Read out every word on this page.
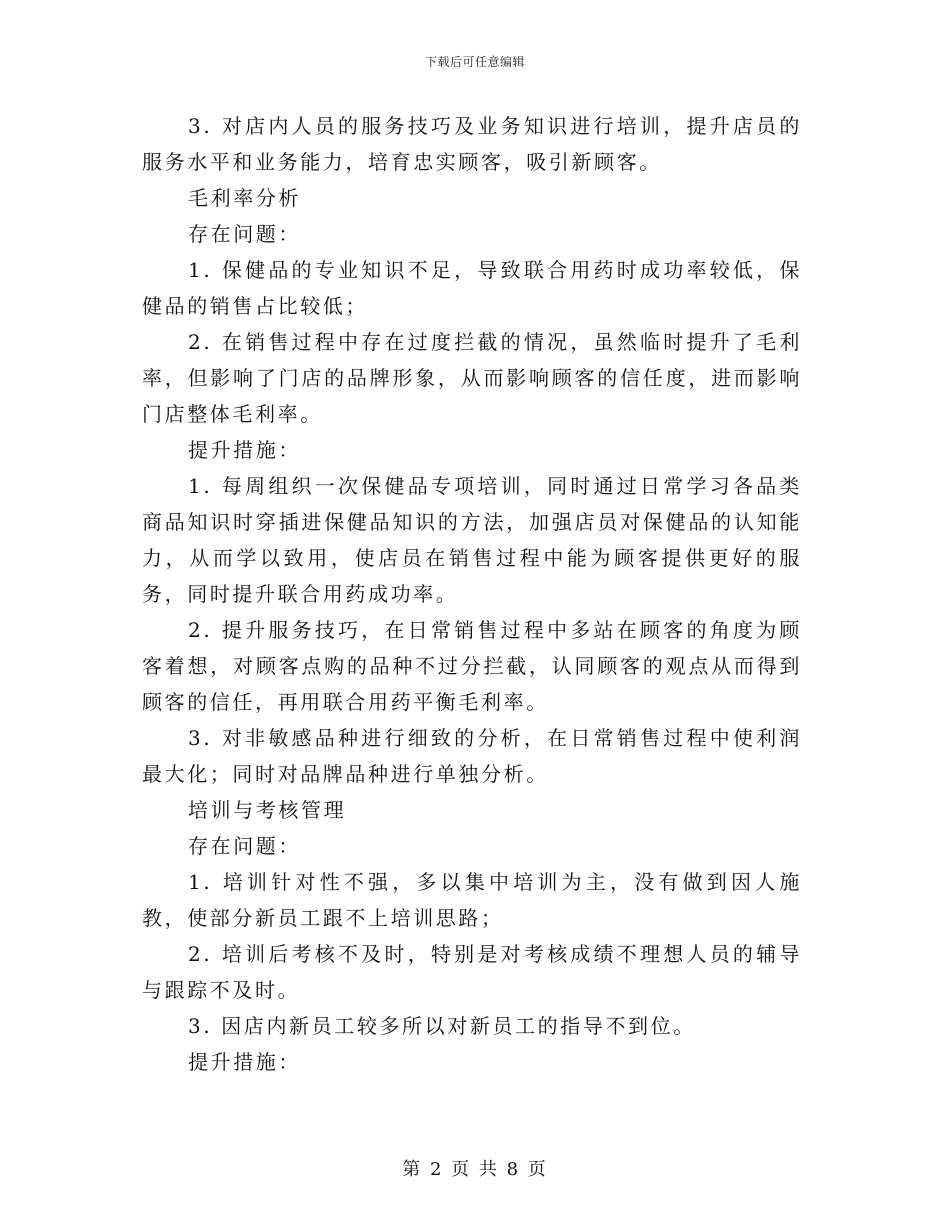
下载后可任意编辑

3. 对店内人员的服务技巧及业务知识进行培训，提升店员的服务水平和业务能力，培育忠实顾客，吸引新顾客。

毛利率分析

存在问题：

1. 保健品的专业知识不足，导致联合用药时成功率较低，保健品的销售占比较低；

2. 在销售过程中存在过度拦截的情况，虽然临时提升了毛利率，但影响了门店的品牌形象，从而影响顾客的信任度，进而影响门店整体毛利率。

提升措施：

1. 每周组织一次保健品专项培训，同时通过日常学习各品类商品知识时穿插进保健品知识的方法，加强店员对保健品的认知能力，从而学以致用，使店员在销售过程中能为顾客提供更好的服务，同时提升联合用药成功率。

2. 提升服务技巧，在日常销售过程中多站在顾客的角度为顾客着想，对顾客点购的品种不过分拦截，认同顾客的观点从而得到顾客的信任，再用联合用药平衡毛利率。

3. 对非敏感品种进行细致的分析，在日常销售过程中使利润最大化；同时对品牌品种进行单独分析。

培训与考核管理

存在问题：

1. 培训针对性不强，多以集中培训为主，没有做到因人施教，使部分新员工跟不上培训思路；

2. 培训后考核不及时，特别是对考核成绩不理想人员的辅导与跟踪不及时。

3. 因店内新员工较多所以对新员工的指导不到位。

提升措施：

第 2 页 共 8 页
